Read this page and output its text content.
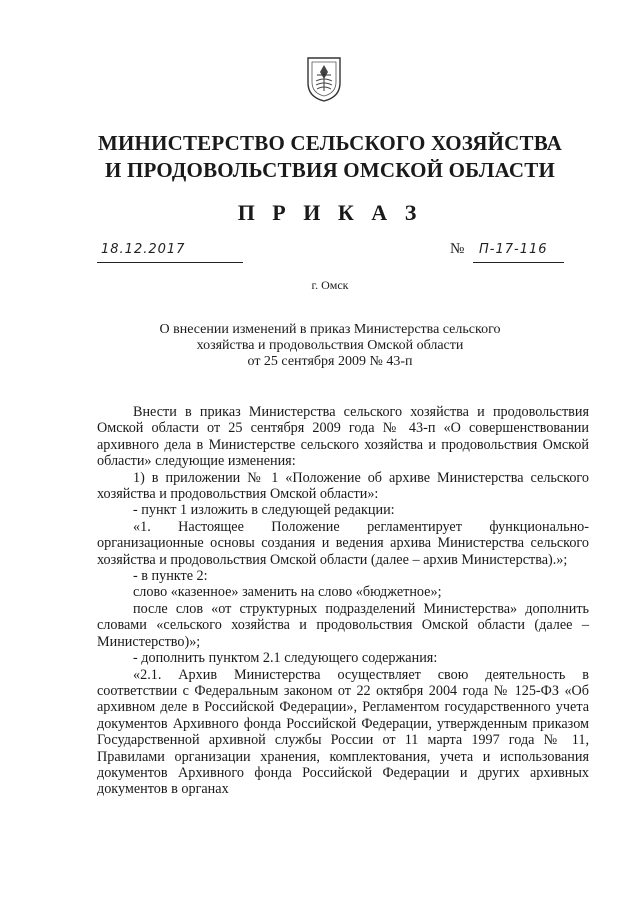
МИНИСТЕРСТВО СЕЛЬСКОГО ХОЗЯЙСТВА
И ПРОДОВОЛЬСТВИЯ ОМСКОЙ ОБЛАСТИ
П Р И К А З
18.12.2017	№	П-17-116
г. Омск
О внесении изменений в приказ Министерства сельского
хозяйства и продовольствия Омской области
от 25 сентября 2009 № 43-п

Внести в приказ Министерства сельского хозяйства и продовольствия Омской области от 25 сентября 2009 года № 43-п «О совершенствовании архивного дела в Министерстве сельского хозяйства и продовольствия Омской области» следующие изменения:

1) в приложении № 1 «Положение об архиве Министерства сельского хозяйства и продовольствия Омской области»:

- пункт 1 изложить в следующей редакции:

«1. Настоящее Положение регламентирует функционально-организационные основы создания и ведения архива Министерства сельского хозяйства и продовольствия Омской области (далее – архив Министерства).»;

- в пункте 2:

слово «казенное» заменить на слово «бюджетное»;

после слов «от структурных подразделений Министерства» дополнить словами «сельского хозяйства и продовольствия Омской области (далее – Министерство)»;

- дополнить пунктом 2.1 следующего содержания:

«2.1. Архив Министерства осуществляет свою деятельность в соответствии с Федеральным законом от 22 октября 2004 года № 125-ФЗ «Об архивном деле в Российской Федерации», Регламентом государственного учета документов Архивного фонда Российской Федерации, утвержденным приказом Государственной архивной службы России от 11 марта 1997 года № 11, Правилами организации хранения, комплектования, учета и использования документов Архивного фонда Российской Федерации и других архивных документов в органах
